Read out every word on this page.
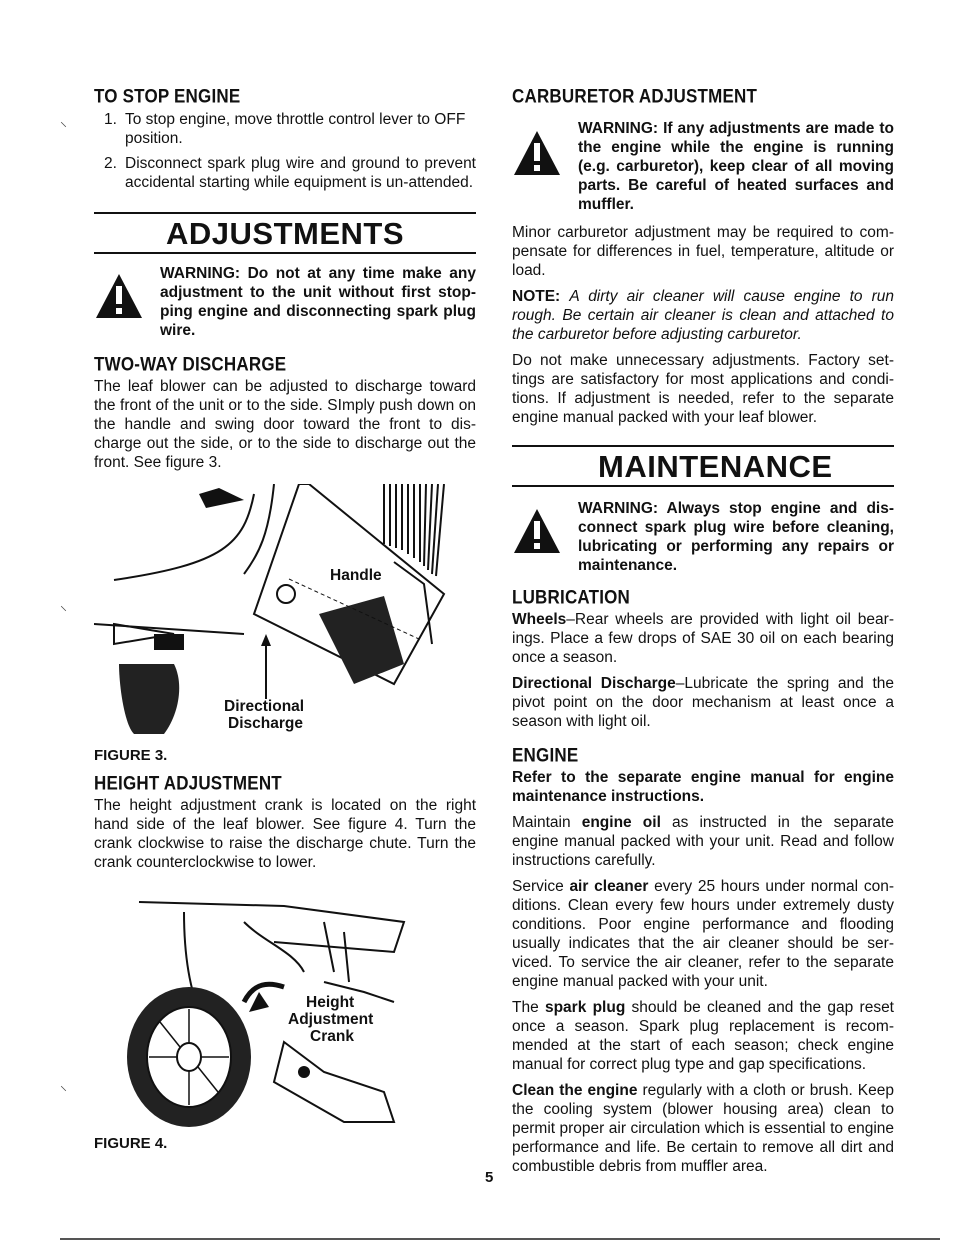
TO STOP ENGINE
1. To stop engine, move throttle control lever to OFF position.
2. Disconnect spark plug wire and ground to prevent accidental starting while equipment is un-attended.
ADJUSTMENTS
WARNING: Do not at any time make any adjustment to the unit without first stop-ping engine and disconnecting spark plug wire.
TWO-WAY DISCHARGE

The leaf blower can be adjusted to discharge toward the front of the unit or to the side. SImply push down on the handle and swing door toward the front to dis-charge out the side, or to the side to discharge out the front. See figure 3.

Handle
Directional
Discharge
FIGURE 3.
HEIGHT ADJUSTMENT

The height adjustment crank is located on the right hand side of the leaf blower. See figure 4. Turn the crank clockwise to raise the discharge chute. Turn the crank counterclockwise to lower.

Height
Adjustment
Crank
FIGURE 4.
CARBURETOR ADJUSTMENT
WARNING: If any adjustments are made to the engine while the engine is running (e.g. carburetor), keep clear of all moving parts. Be careful of heated surfaces and muffler.

Minor carburetor adjustment may be required to com-pensate for differences in fuel, temperature, altitude or load.

NOTE: A dirty air cleaner will cause engine to run rough. Be certain air cleaner is clean and attached to the carburetor before adjusting carburetor.

Do not make unnecessary adjustments. Factory set-tings are satisfactory for most applications and condi-tions. If adjustment is needed, refer to the separate engine manual packed with your leaf blower.

MAINTENANCE
WARNING: Always stop engine and dis-connect spark plug wire before cleaning, lubricating or performing any repairs or maintenance.
LUBRICATION

Wheels–Rear wheels are provided with light oil bear-ings. Place a few drops of SAE 30 oil on each bearing once a season.

Directional Discharge–Lubricate the spring and the pivot point on the door mechanism at least once a season with light oil.

ENGINE

Refer to the separate engine manual for engine maintenance instructions.

Maintain engine oil as instructed in the separate engine manual packed with your unit. Read and follow instructions carefully.

Service air cleaner every 25 hours under normal con-ditions. Clean every few hours under extremely dusty conditions. Poor engine performance and flooding usually indicates that the air cleaner should be ser-viced. To service the air cleaner, refer to the separate engine manual packed with your unit.

The spark plug should be cleaned and the gap reset once a season. Spark plug replacement is recom-mended at the start of each season; check engine manual for correct plug type and gap specifications.

Clean the engine regularly with a cloth or brush. Keep the cooling system (blower housing area) clean to permit proper air circulation which is essential to engine performance and life. Be certain to remove all dirt and combustible debris from muffler area.

⸜
⸜
⸜
5
